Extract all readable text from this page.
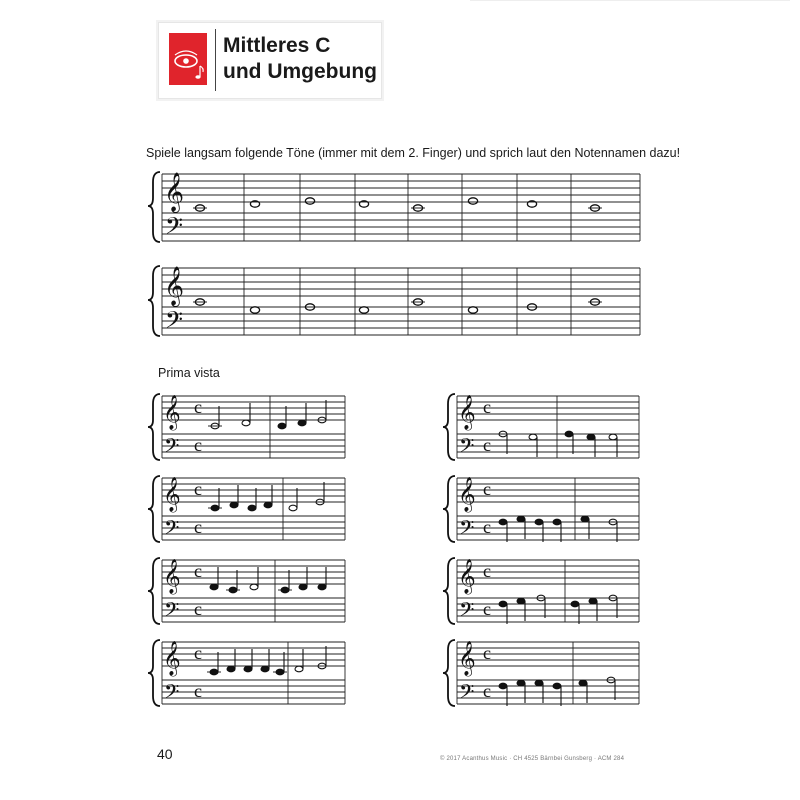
Mittleres C
und Umgebung
Spiele langsam folgende Töne (immer mit dem 2. Finger) und sprich laut den Notennamen dazu!
𝄞
𝄢
𝄞
𝄢
Prima vista
𝄞
𝄢
c
c
𝄞
𝄢
c
c
𝄞
𝄢
c
c
𝄞
𝄢
c
c
𝄞
𝄢
c
c
𝄞
𝄢
c
c
𝄞
𝄢
c
c
𝄞
𝄢
c
c
40	© 2017 Acanthus Music · CH 4525 Bärnbei Gunsberg · ACM 284
